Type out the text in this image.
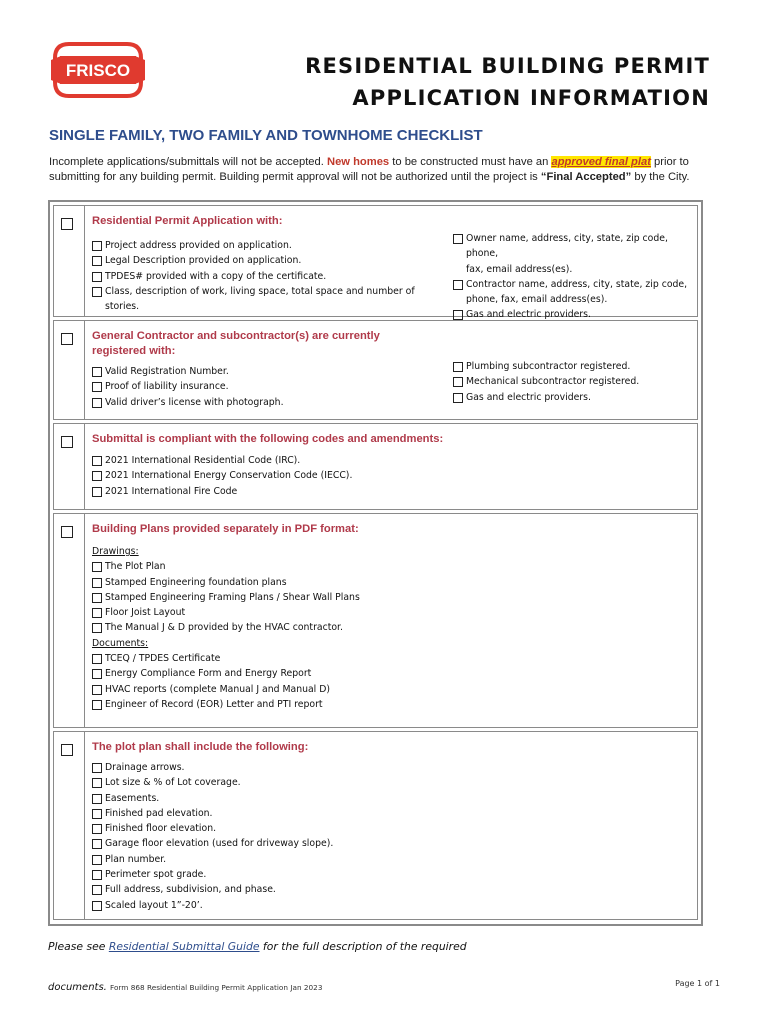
FRISCO	RESIDENTIAL BUILDING PERMIT
APPLICATION INFORMATION
SINGLE FAMILY, TWO FAMILY AND TOWNHOME CHECKLIST
Incomplete applications/submittals will not be accepted. New homes to be constructed must have an approved final plat prior to submitting for any building permit. Building permit approval will not be authorized until the project is “Final Accepted” by the City.
Residential Permit Application with:
Project address provided on application.
Legal Description provided on application.
TPDES# provided with a copy of the certificate.
Class, description of work, living space, total space and number of
stories.
Owner name, address, city, state, zip code, phone,
fax, email address(es).
Contractor name, address, city, state, zip code,
phone, fax, email address(es).
Gas and electric providers.
General Contractor and subcontractor(s) are currently
registered with:
Valid Registration Number.
Proof of liability insurance.
Valid driver’s license with photograph.
Plumbing subcontractor registered.
Mechanical subcontractor registered.
Gas and electric providers.
Submittal is compliant with the following codes and amendments:
2021 International Residential Code (IRC).
2021 International Energy Conservation Code (IECC).
2021 International Fire Code
Building Plans provided separately in PDF format:
Drawings:
The Plot Plan
Stamped Engineering foundation plans
Stamped Engineering Framing Plans / Shear Wall Plans
Floor Joist Layout
The Manual J & D provided by the HVAC contractor.
Documents:
TCEQ / TPDES Certificate
Energy Compliance Form and Energy Report
HVAC reports (complete Manual J and Manual D)
Engineer of Record (EOR) Letter and PTI report
The plot plan shall include the following:
Drainage arrows.
Lot size & % of Lot coverage.
Easements.
Finished pad elevation.
Finished floor elevation.
Garage floor elevation (used for driveway slope).
Plan number.
Perimeter spot grade.
Full address, subdivision, and phase.
Scaled layout 1”-20’.
Please see Residential Submittal Guide for the full description of the required
documents. Form 868 Residential Building Permit Application Jan 2023	Page 1 of 1
